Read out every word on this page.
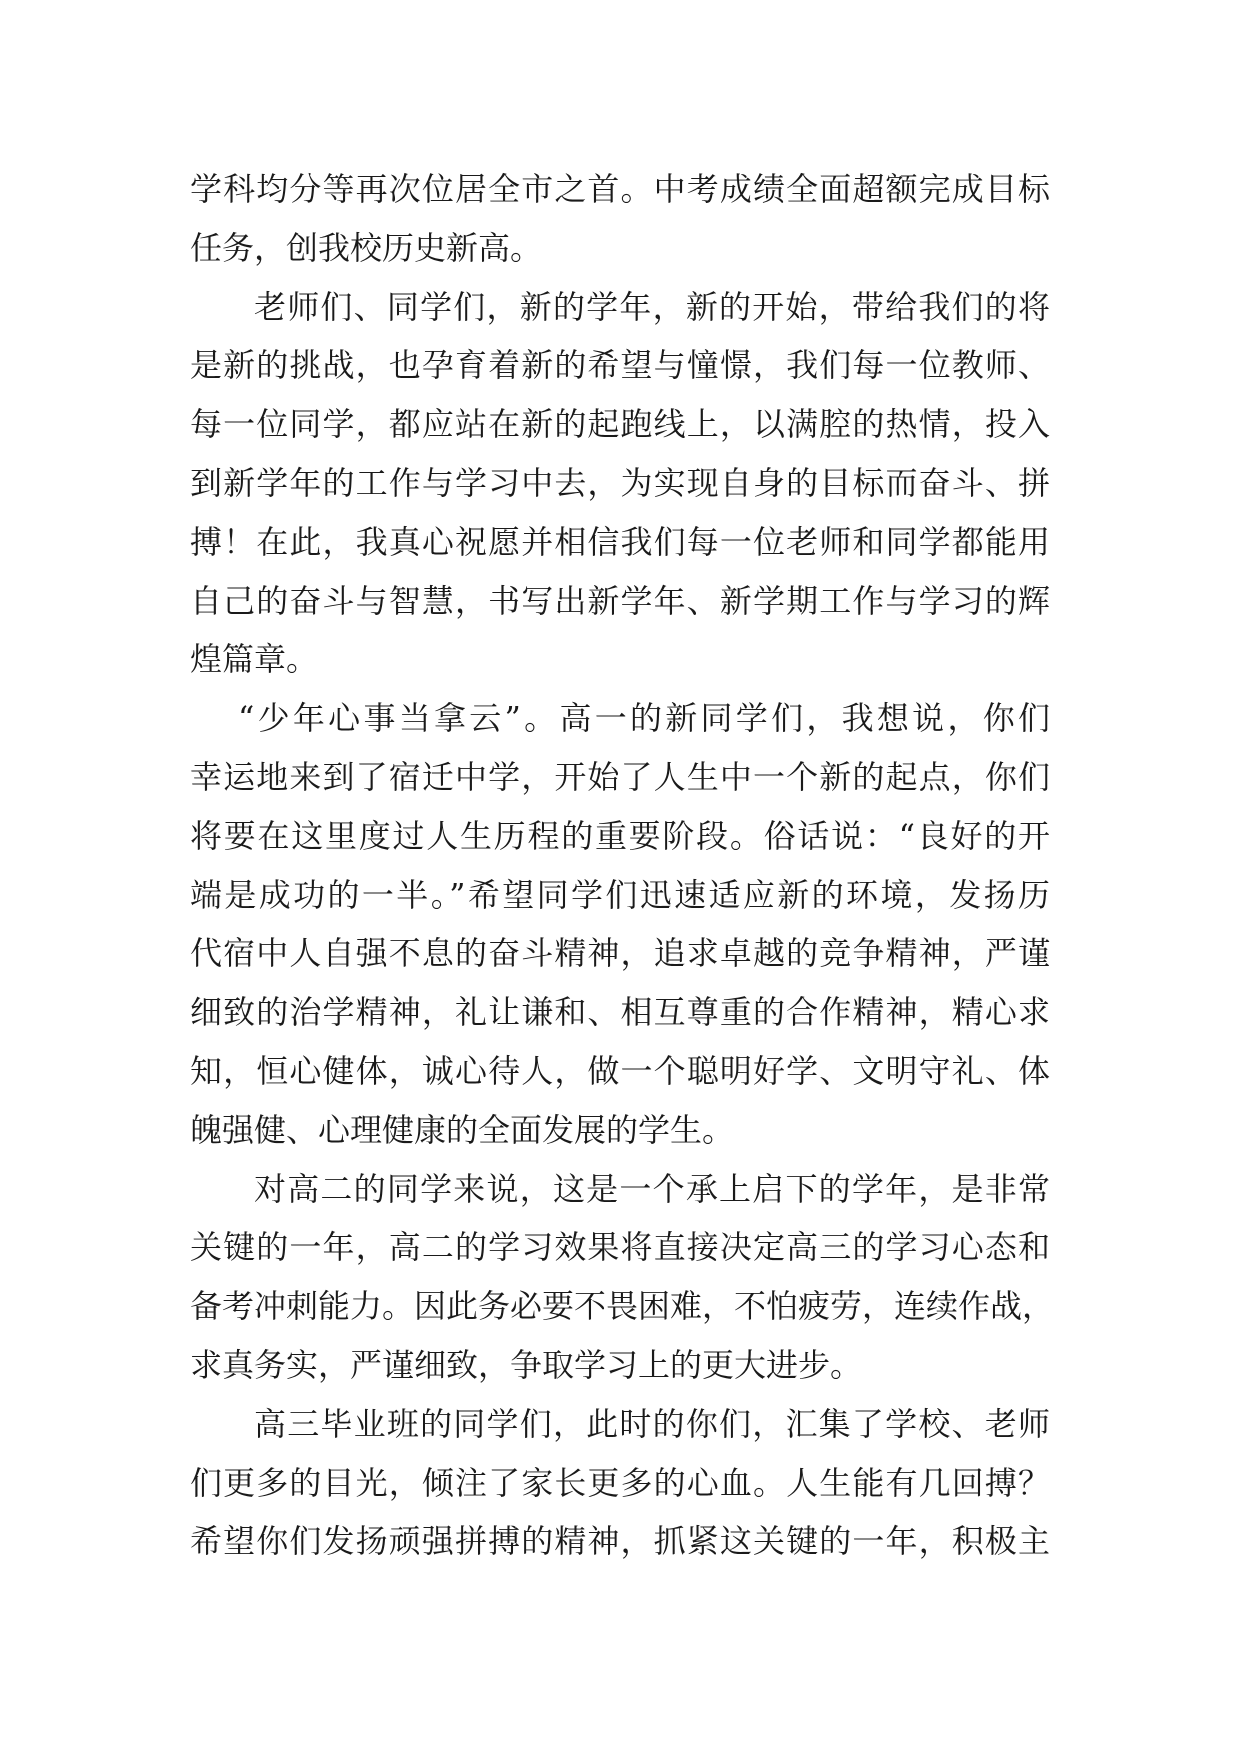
学科均分等再次位居全市之首。中考成绩全面超额完成目标
任务，创我校历史新高。
老师们、同学们，新的学年，新的开始，带给我们的将
是新的挑战，也孕育着新的希望与憧憬，我们每一位教师、
每一位同学，都应站在新的起跑线上，以满腔的热情，投入
到新学年的工作与学习中去，为实现自身的目标而奋斗、拼
搏！在此，我真心祝愿并相信我们每一位老师和同学都能用
自己的奋斗与智慧，书写出新学年、新学期工作与学习的辉
煌篇章。
“少年心事当拿云”。高一的新同学们，我想说，你们
幸运地来到了宿迁中学，开始了人生中一个新的起点，你们
将要在这里度过人生历程的重要阶段。俗话说：“良好的开
端是成功的一半。”希望同学们迅速适应新的环境，发扬历
代宿中人自强不息的奋斗精神，追求卓越的竞争精神，严谨
细致的治学精神，礼让谦和、相互尊重的合作精神，精心求
知，恒心健体，诚心待人，做一个聪明好学、文明守礼、体
魄强健、心理健康的全面发展的学生。
对高二的同学来说，这是一个承上启下的学年，是非常
关键的一年，高二的学习效果将直接决定高三的学习心态和
备考冲刺能力。因此务必要不畏困难，不怕疲劳，连续作战，
求真务实，严谨细致，争取学习上的更大进步。
高三毕业班的同学们，此时的你们，汇集了学校、老师
们更多的目光，倾注了家长更多的心血。人生能有几回搏？
希望你们发扬顽强拼搏的精神，抓紧这关键的一年，积极主
